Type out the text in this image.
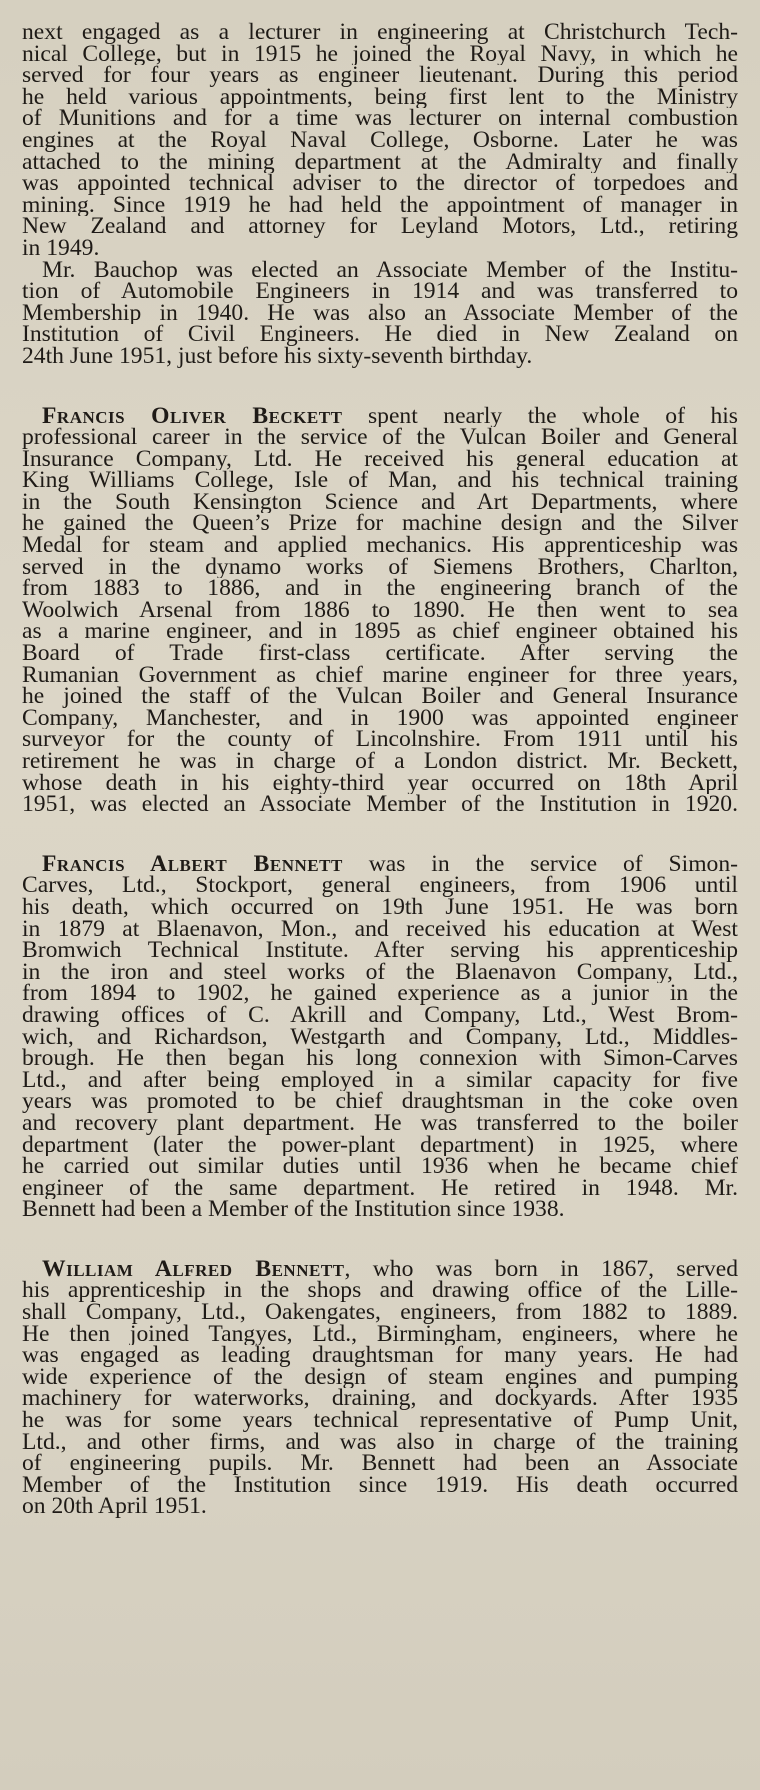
next engaged as a lecturer in engineering at Christchurch Tech-
nical College, but in 1915 he joined the Royal Navy, in which he
served for four years as engineer lieutenant. During this period
he held various appointments, being first lent to the Ministry
of Munitions and for a time was lecturer on internal combustion
engines at the Royal Naval College, Osborne. Later he was
attached to the mining department at the Admiralty and finally
was appointed technical adviser to the director of torpedoes and
mining. Since 1919 he had held the appointment of manager in
New Zealand and attorney for Leyland Motors, Ltd., retiring
in 1949.
Mr. Bauchop was elected an Associate Member of the Institu-
tion of Automobile Engineers in 1914 and was transferred to
Membership in 1940. He was also an Associate Member of the
Institution of Civil Engineers. He died in New Zealand on
24th June 1951, just before his sixty-seventh birthday.
Francis Oliver Beckett spent nearly the whole of his
professional career in the service of the Vulcan Boiler and General
Insurance Company, Ltd. He received his general education at
King Williams College, Isle of Man, and his technical training
in the South Kensington Science and Art Departments, where
he gained the Queen’s Prize for machine design and the Silver
Medal for steam and applied mechanics. His apprenticeship was
served in the dynamo works of Siemens Brothers, Charlton,
from 1883 to 1886, and in the engineering branch of the
Woolwich Arsenal from 1886 to 1890. He then went to sea
as a marine engineer, and in 1895 as chief engineer obtained his
Board of Trade first-class certificate. After serving the
Rumanian Government as chief marine engineer for three years,
he joined the staff of the Vulcan Boiler and General Insurance
Company, Manchester, and in 1900 was appointed engineer
surveyor for the county of Lincolnshire. From 1911 until his
retirement he was in charge of a London district. Mr. Beckett,
whose death in his eighty-third year occurred on 18th April
1951, was elected an Associate Member of the Institution in 1920.
Francis Albert Bennett was in the service of Simon-
Carves, Ltd., Stockport, general engineers, from 1906 until
his death, which occurred on 19th June 1951. He was born
in 1879 at Blaenavon, Mon., and received his education at West
Bromwich Technical Institute. After serving his apprenticeship
in the iron and steel works of the Blaenavon Company, Ltd.,
from 1894 to 1902, he gained experience as a junior in the
drawing offices of C. Akrill and Company, Ltd., West Brom-
wich, and Richardson, Westgarth and Company, Ltd., Middles-
brough. He then began his long connexion with Simon-Carves
Ltd., and after being employed in a similar capacity for five
years was promoted to be chief draughtsman in the coke oven
and recovery plant department. He was transferred to the boiler
department (later the power-plant department) in 1925, where
he carried out similar duties until 1936 when he became chief
engineer of the same department. He retired in 1948. Mr.
Bennett had been a Member of the Institution since 1938.
William Alfred Bennett, who was born in 1867, served
his apprenticeship in the shops and drawing office of the Lille-
shall Company, Ltd., Oakengates, engineers, from 1882 to 1889.
He then joined Tangyes, Ltd., Birmingham, engineers, where he
was engaged as leading draughtsman for many years. He had
wide experience of the design of steam engines and pumping
machinery for waterworks, draining, and dockyards. After 1935
he was for some years technical representative of Pump Unit,
Ltd., and other firms, and was also in charge of the training
of engineering pupils. Mr. Bennett had been an Associate
Member of the Institution since 1919. His death occurred
on 20th April 1951.
